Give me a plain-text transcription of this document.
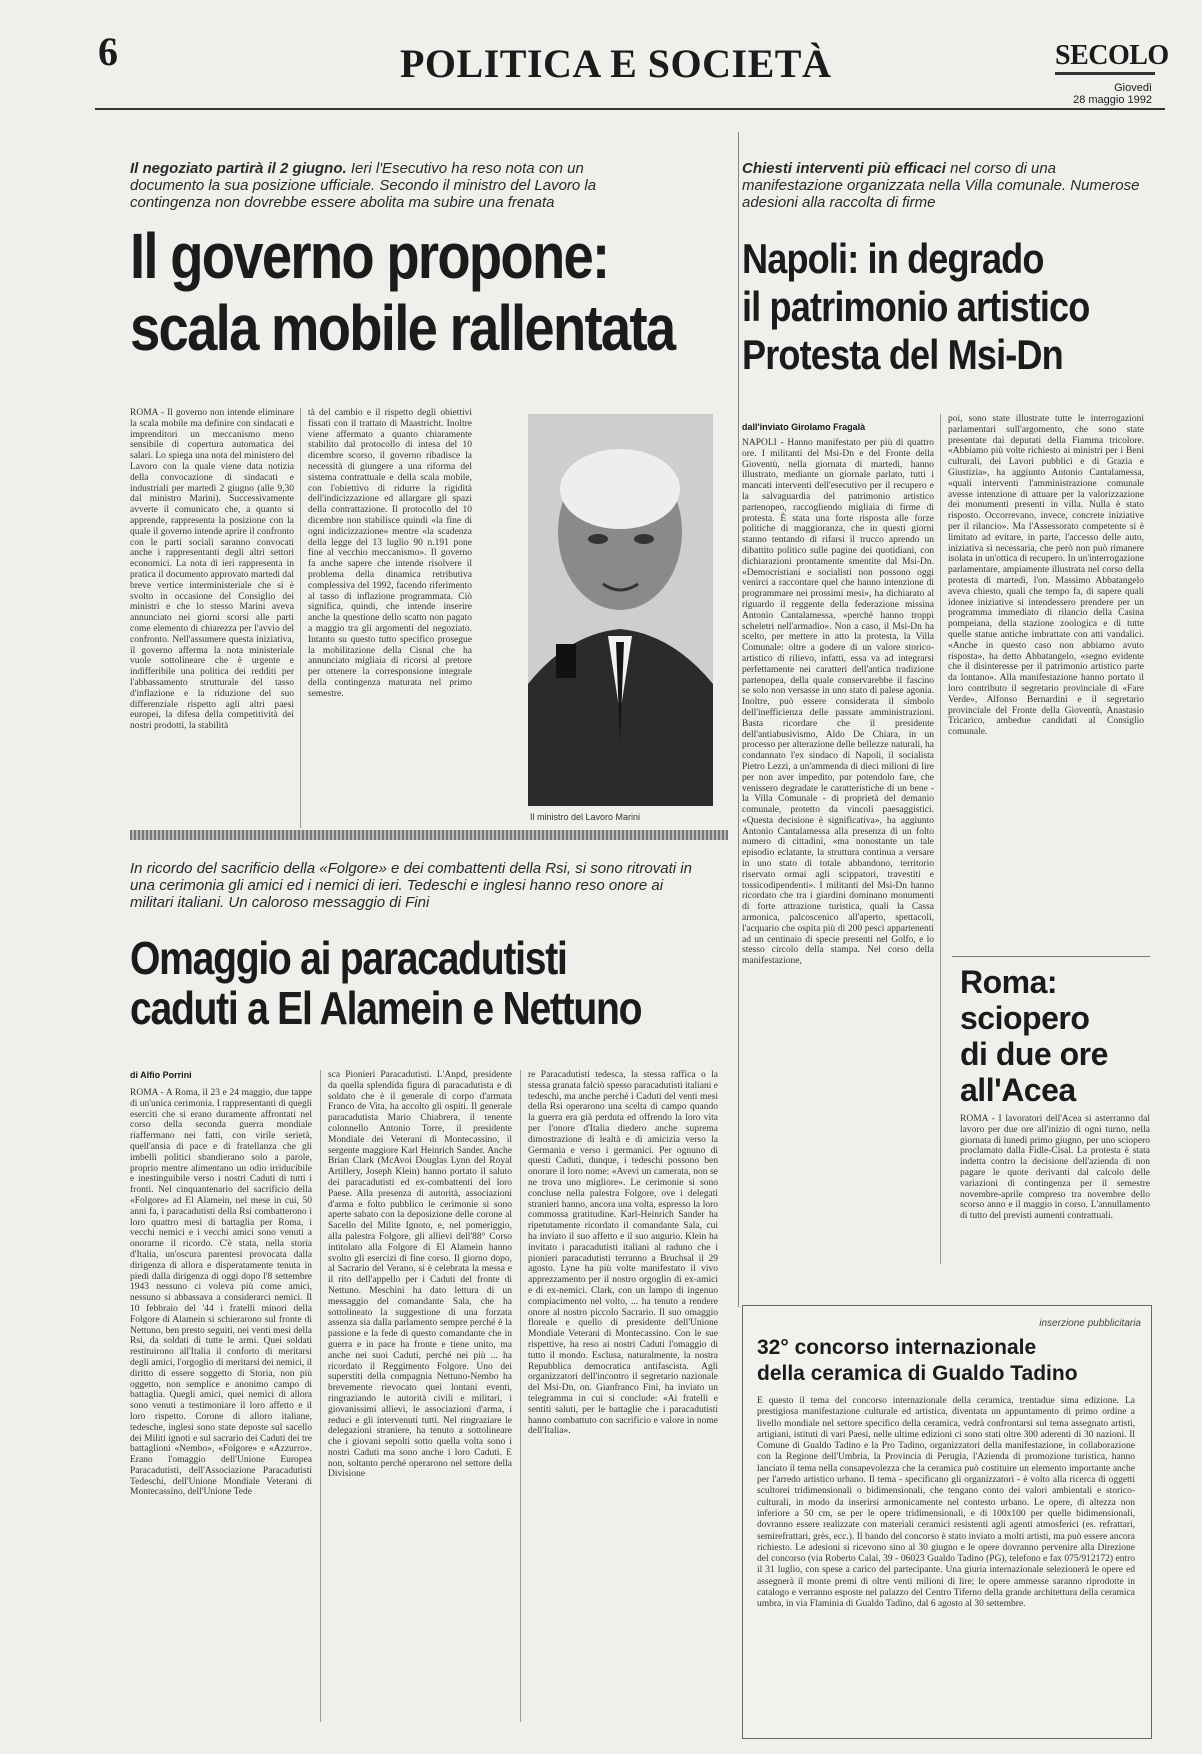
6	POLITICA E SOCIETÀ	SECOLO
Giovedì
28 maggio 1992
Il negoziato partirà il 2 giugno. Ieri l'Esecutivo ha reso nota con un documento la sua posizione ufficiale. Secondo il ministro del Lavoro la contingenza non dovrebbe essere abolita ma subire una frenata
Il governo propone:
scala mobile rallentata
ROMA - Il governo non intende eliminare la scala mobile ma definire con sindacati e imprenditori un meccanismo meno sensibile di copertura automatica dei salari. Lo spiega una nota del ministero del Lavoro con la quale viene data notizia della convocazione di sindacati e industriali per martedì 2 giugno (alle 9,30 dal ministro Marini). Successivamente avverte il comunicato che, a quanto si apprende, rappresenta la posizione con la quale il governo intende aprire il confronto con le parti sociali saranno convocati anche i rappresentanti degli altri settori economici. La nota di ieri rappresenta in pratica il documento approvato martedì dal breve vertice interministeriale che si è svolto in occasione del Consiglio dei ministri e che lo stesso Marini aveva annunciato nei giorni scorsi alle parti come elemento di chiarezza per l'avvio del confronto. Nell'assumere questa iniziativa, il governo afferma la nota ministeriale vuole sottolineare che è urgente e indifferibile una politica dei redditi per l'abbassamento strutturale del tasso d'inflazione e la riduzione del suo differenziale rispetto agli altri paesi europei, la difesa della competitività dei nostri prodotti, la stabilità
tà del cambio e il rispetto degli obiettivi fissati con il trattato di Maastricht. Inoltre viene affermato a quanto chiaramente stabilito dal protocollo di intesa del 10 dicembre scorso, il governo ribadisce la necessità di giungere a una riforma del sistema contrattuale e della scala mobile, con l'obiettivo di ridurre la rigidità dell'indicizzazione ed allargare gli spazi della contrattazione. Il protocollo del 10 dicembre non stabilisce quindi «la fine di ogni indicizzazione» mentre «la scadenza della legge del 13 luglio 90 n.191 pone fine al vecchio meccanismo». Il governo fa anche sapere che intende risolvere il problema della dinamica retributiva complessiva del 1992, facendo riferimento al tasso di inflazione programmata. Ciò significa, quindi, che intende inserire anche la questione dello scatto non pagato a maggio tra gli argomenti del negoziato. Intanto su questo tutto specifico prosegue la mobilitazione della Cisnal che ha annunciato migliaia di ricorsi al pretore per ottenere la corresponsione integrale della contingenza maturata nel primo semestre.
Il ministro del Lavoro Marini
Chiesti interventi più efficaci nel corso di una manifestazione organizzata nella Villa comunale. Numerose adesioni alla raccolta di firme
Napoli: in degrado
il patrimonio artistico
Protesta del Msi-Dn
dall'inviato Girolamo Fragalà
NAPOLI - Hanno manifestato per più di quattro ore. I militanti del Msi-Dn e del Fronte della Gioventù, nella giornata di martedì, hanno illustrato, mediante un giornale parlato, tutti i mancati interventi dell'esecutivo per il recupero e la salvaguardia del patrimonio artistico partenopeo, raccogliendo migliaia di firme di protesta. È stata una forte risposta alle forze politiche di maggioranza, che in questi giorni stanno tentando di rifarsi il trucco aprendo un dibattito politico sulle pagine dei quotidiani, con dichiarazioni prontamente smentite dal Msi-Dn. «Democristiani e socialisti non possono oggi venirci a raccontare quel che hanno intenzione di programmare nei prossimi mesi», ha dichiarato al riguardo il reggente della federazione missina Antonio Cantalamessa, «perché hanno troppi scheletri nell'armadio». Non a caso, il Msi-Dn ha scelto, per mettere in atto la protesta, la Villa Comunale: oltre a godere di un valore storico-artistico di rilievo, infatti, essa va ad integrarsi perfettamente nei caratteri dell'antica tradizione partenopea, della quale conservarebbe il fascino se solo non versasse in uno stato di palese agonia. Inoltre, può essere considerata il simbolo dell'inefficienza delle passate amministrazioni. Basta ricordare che il presidente dell'antiabusivismo, Aldo De Chiara, in un processo per alterazione delle bellezze naturali, ha condannato l'ex sindaco di Napoli, il socialista Pietro Lezzi, a un'ammenda di dieci milioni di lire per non aver impedito, pur potendolo fare, che venissero degradate le caratteristiche di un bene - la Villa Comunale - di proprietà del demanio comunale, protetto da vincoli paesaggistici. «Questa decisione è significativa», ha aggiunto Antonio Cantalamessa alla presenza di un folto numero di cittadini, «ma nonostante un tale episodio eclatante, la struttura continua a versare in uno stato di totale abbandono, territorio riservato ormai agli scippatori, travestiti e tossicodipendenti». I militanti del Msi-Dn hanno ricordato che tra i giardini dominano monumenti di forte attrazione turistica, quali la Cassa armonica, palcoscenico all'aperto, spettacoli, l'acquario che ospita più di 200 pesci appartenenti ad un centinaio di specie presenti nel Golfo, e lo stesso circolo della stampa. Nel corso della manifestazione,
poi, sono state illustrate tutte le interrogazioni parlamentari sull'argomento, che sono state presentate dai deputati della Fiamma tricolore. «Abbiamo più volte richiesto ai ministri per i Beni culturali, dei Lavori pubblici e di Grazia e Giustizia», ha aggiunto Antonio Cantalamessa, «quali interventi l'amministrazione comunale avesse intenzione di attuare per la valorizzazione dei monumenti presenti in villa. Nulla è stato risposto. Occorrevano, invece, concrete iniziative per il rilancio». Ma l'Assessorato competente si è limitato ad evitare, in parte, l'accesso delle auto, iniziativa sì necessaria, che però non può rimanere isolata in un'ottica di recupero. In un'interrogazione parlamentare, ampiamente illustrata nel corso della protesta di martedì, l'on. Massimo Abbatangelo aveva chiesto, quali che tempo fa, di sapere quali idonee iniziative si intendessero prendere per un programma immediato di rilancio della Casina pompeiana, della stazione zoologica e di tutte quelle statue antiche imbrattate con atti vandalici. «Anche in questo caso non abbiamo avuto risposta», ha detto Abbatangelo, «segno evidente che il disinteresse per il patrimonio artistico parte da lontano». Alla manifestazione hanno portato il loro contributo il segretario provinciale di «Fare Verde», Alfonso Bernardini e il segretario provinciale del Fronte della Gioventù, Anastasio Tricarico, ambedue candidati al Consiglio comunale.
Roma:
sciopero
di due ore
all'Acea
ROMA - I lavoratori dell'Acea si asterranno dal lavoro per due ore all'inizio di ogni turno, nella giornata di lunedì primo giugno, per uno sciopero proclamato dalla Fidle-Cisal. La protesta è stata indetta contro la decisione dell'azienda di non pagare le quote derivanti dal calcolo delle variazioni di contingenza per il semestre novembre-aprile compreso tra novembre dello scorso anno e il maggio in corso. L'annullamento di tutto del previsti aumenti contrattuali.
In ricordo del sacrificio della «Folgore» e dei combattenti della Rsi, si sono ritrovati in una cerimonia gli amici ed i nemici di ieri. Tedeschi e inglesi hanno reso onore ai militari italiani. Un caloroso messaggio di Fini
Omaggio ai paracadutisti
caduti a El Alamein e Nettuno
di Alfio Porrini
ROMA - A Roma, il 23 e 24 maggio, due tappe di un'unica cerimonia. I rappresentanti di quegli eserciti che si erano duramente affrontati nel corso della seconda guerra mondiale riaffermano nei fatti, con virile serietà, quell'ansia di pace e di fratellanza che gli imbelli politici sbandierano solo a parole, proprio mentre alimentano un odio irriducibile e inestinguibile verso i nostri Caduti di tutti i fronti. Nel cinquantenario del sacrificio della «Folgore» ad El Alamein, nel mese in cui, 50 anni fa, i paracadutisti della Rsi combatterono i loro quattro mesi di battaglia per Roma, i vecchi nemici e i vecchi amici sono venuti a onorarne il ricordo. C'è stata, nella storia d'Italia, un'oscura parentesi provocata dalla dirigenza di allora e disperatamente tenuta in piedi dalla dirigenza di oggi dopo l'8 settembre 1943 nessuno ci voleva più come amici, nessuno si abbassava a considerarci nemici. Il 10 febbraio del '44 i fratelli minori della Folgore di Alamein si schierarono sul fronte di Nettuno, ben presto seguiti, nei venti mesi della Rsi, da soldati di tutte le armi. Quei soldati restituirono all'Italia il conforto di meritarsi degli amici, l'orgoglio di meritarsi dei nemici, il diritto di essere soggetto di Storia, non più oggetto, non semplice e anonimo campo di battaglia. Quegli amici, quei nemici di allora sono venuti a testimoniare il loro affetto e il loro rispetto. Corone di alloro italiane, tedesche, inglesi sono state deposte sul sacello dei Militi ignoti e sul sacrario dei Caduti dei tre battaglioni «Nembo», «Folgore» e «Azzurro». Erano l'omaggio dell'Unione Europea Paracadutisti, dell'Associazione Paracadutisti Tedeschi, dell'Unione Mondiale Veterani di Montecassino, dell'Unione Tede
sca Pionieri Paracadutisti. L'Anpd, presidente da quella splendida figura di paracadutista e di soldato che è il generale di corpo d'armata Franco de Vita, ha accolto gli ospiti. Il generale paracadutista Mario Chiabrera, il tenente colonnello Antonio Torre, il presidente Mondiale dei Veterani di Montecassino, il sergente maggiore Karl Heinrich Sander. Anche Brian Clark (McAvoi Douglas Lynn del Royal Artillery, Joseph Klein) hanno portato il saluto dei paracadutisti ed ex-combattenti del loro Paese. Alla presenza di autorità, associazioni d'arma e folto pubblico le cerimonie si sono aperte sabato con la deposizione delle corone al Sacello del Milite Ignoto, e, nel pomeriggio, alla palestra Folgore, gli allievi dell'88° Corso intitolato alla Folgore di El Alamein hanno svolto gli esercizi di fine corso. Il giorno dopo, al Sacrario del Verano, si è celebrata la messa e il rito dell'appello per i Caduti del fronte di Nettuno. Meschini ha dato lettura di un messaggio del comandante Sala, che ha sottolineato la suggestione di una forzata assenza sia dalla parlamento sempre perché è la passione e la fede di questo comandante che in guerra e in pace ha fronte e tiene unito, ma anche nei suoi Caduti, perché nei più ... ha ricordato il Reggimento Folgore. Uno dei superstiti della compagnia Nettuno-Nembo ha brevemente rievocato quei lontani eventi, ringraziando le autorità civili e militari, i giovanissimi allievi, le associazioni d'arma, i reduci e gli intervenuti tutti. Nel ringraziare le delegazioni straniere, ha tenuto a sottolineare che i giovani sepolti sotto quella volta sono i nostri Caduti ma sono anche i loro Caduti. E non, soltanto perché operarono nel settore della Divisione
re Paracadutisti tedesca, la stessa raffica o la stessa granata falciò spesso paracadutisti italiani e tedeschi, ma anche perché i Caduti del venti mesi della Rsi operarono una scelta di campo quando la guerra era già perduta ed offrendo la loro vita per l'onore d'Italia diedero anche suprema dimostrazione di lealtà e di amicizia verso la Germania e verso i germanici. Per ognuno di questi Caduti, dunque, i tedeschi possono ben onorare il loro nome: «Avevi un camerata, non se ne trova uno migliore». Le cerimonie si sono concluse nella palestra Folgore, ove i delegati stranieri hanno, ancora una volta, espresso la loro commossa gratitudine. Karl-Heinrich Sander ha ripetutamente ricordato il comandante Sala, cui ha inviato il suo affetto e il suo augurio. Klein ha invitato i paracadutisti italiani al raduno che i pionieri paracadutisti terranno a Bruchsal il 29 agosto. Lyne ha più volte manifestato il vivo apprezzamento per il nostro orgoglio di ex-amici e di ex-nemici. Clark, con un lampo di ingenuo compiacimento nel volto, ... ha tenuto a rendere onore al nostro piccolo Sacrario. Il suo omaggio floreale e quello di presidente dell'Unione Mondiale Veterani di Montecassino. Con le sue rispettive, ha reso ai nostri Caduti l'omaggio di tutto il mondo. Esclusa, naturalmente, la nostra Repubblica democratica antifascista. Agli organizzatori dell'incontro il segretario nazionale del Msi-Dn, on. Gianfranco Fini, ha inviato un telegramma in cui si conclude: «Ai fratelli e sentiti saluti, per le battaglie che i paracadutisti hanno combattuto con sacrificio e valore in nome dell'Italia».
inserzione pubblicitaria
32° concorso internazionale
della ceramica di Gualdo Tadino
È questo il tema del concorso internazionale della ceramica, trentadue sima edizione. La prestigiosa manifestazione culturale ed artistica, diventata un appuntamento di primo ordine a livello mondiale nel settore specifico della ceramica, vedrà confrontarsi sul tema assegnato artisti, artigiani, istituti di vari Paesi, nelle ultime edizioni ci sono stati oltre 300 aderenti di 30 nazioni. Il Comune di Gualdo Tadino e la Pro Tadino, organizzatori della manifestazione, in collaborazione con la Regione dell'Umbria, la Provincia di Perugia, l'Azienda di promozione turistica, hanno lanciato il tema nella consapevolezza che la ceramica può costituire un elemento importante anche per l'arredo artistico urbano. Il tema - specificano gli organizzatori - è volto alla ricerca di oggetti scultorei tridimensionali o bidimensionali, che tengano conto dei valori ambientali e storico-culturali, in modo da inserirsi armonicamente nel contesto urbano. Le opere, di altezza non inferiore a 50 cm, se per le opere tridimensionali, e di 100x100 per quelle bidimensionali, dovranno essere realizzate con materiali ceramici resistenti agli agenti atmosferici (es. refrattari, semirefrattari, grès, ecc.). Il bando del concorso è stato inviato a molti artisti, ma può essere ancora richiesto. Le adesioni si ricevono sino al 30 giugno e le opere dovranno pervenire alla Direzione del concorso (via Roberto Calai, 39 - 06023 Gualdo Tadino (PG), telefono e fax 075/912172) entro il 31 luglio, con spese a carico del partecipante. Una giuria internazionale selezionerà le opere ed assegnerà il monte premi di oltre venti milioni di lire; le opere ammesse saranno riprodotte in catalogo e verranno esposte nel palazzo del Centro Tiferno della grande architettura della ceramica umbra, in via Flaminia di Gualdo Tadino, dal 6 agosto al 30 settembre.
